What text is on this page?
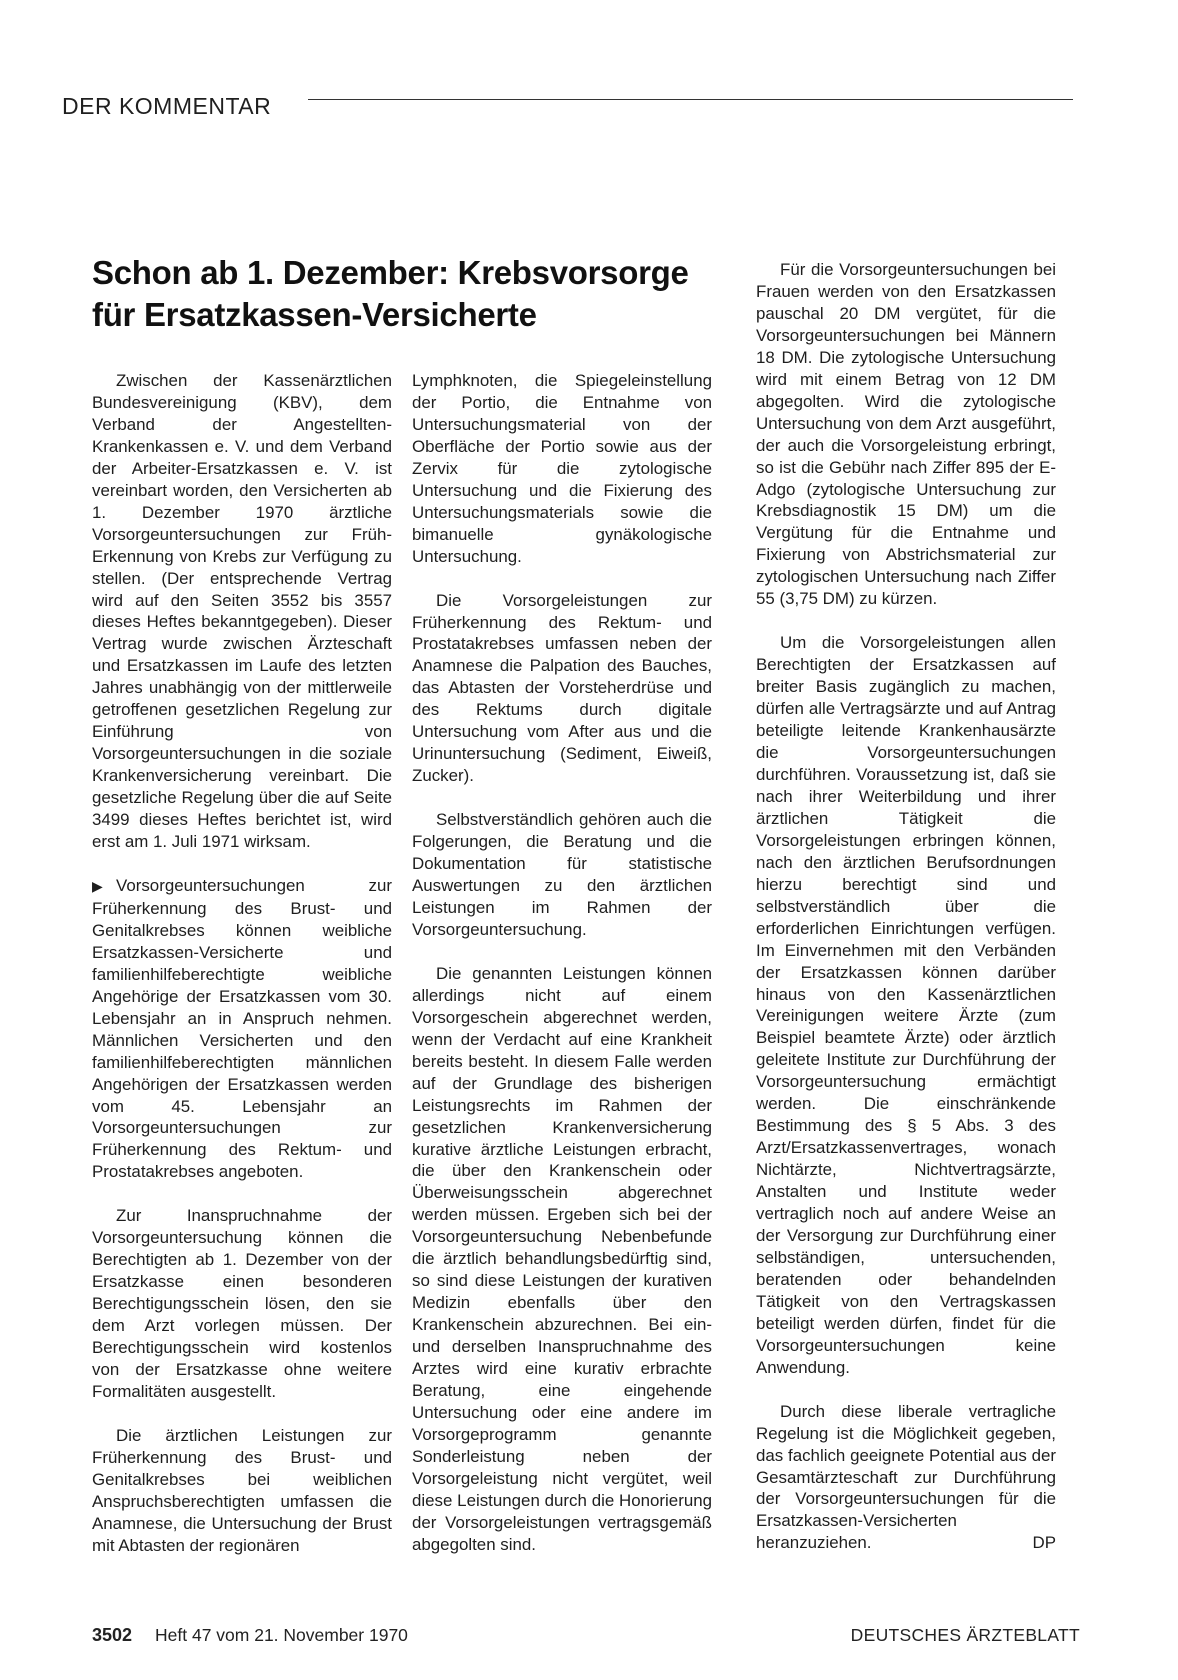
DER KOMMENTAR
Schon ab 1. Dezember: Krebsvorsorge
für Ersatzkassen-Versicherte

Zwischen der Kassenärztlichen Bundesvereinigung (KBV), dem Verband der Angestellten-Krankenkassen e. V. und dem Verband der Arbeiter-Ersatzkassen e. V. ist vereinbart worden, den Versicherten ab 1. Dezember 1970 ärztliche Vorsorgeuntersuchungen zur Früh-Erkennung von Krebs zur Verfügung zu stellen. (Der entsprechende Vertrag wird auf den Seiten 3552 bis 3557 dieses Heftes bekanntgegeben). Dieser Vertrag wurde zwischen Ärzteschaft und Ersatzkassen im Laufe des letzten Jahres unabhängig von der mittlerweile getroffenen gesetzlichen Regelung zur Einführung von Vorsorgeuntersuchungen in die soziale Krankenversicherung vereinbart. Die gesetzliche Regelung über die auf Seite 3499 dieses Heftes berichtet ist, wird erst am 1. Juli 1971 wirksam.

▶ Vorsorgeuntersuchungen zur Früherkennung des Brust- und Genitalkrebses können weibliche Ersatzkassen-Versicherte und familienhilfeberechtigte weibliche Angehörige der Ersatzkassen vom 30. Lebensjahr an in Anspruch nehmen. Männlichen Versicherten und den familienhilfeberechtigten männlichen Angehörigen der Ersatzkassen werden vom 45. Lebensjahr an Vorsorgeuntersuchungen zur Früherkennung des Rektum- und Prostatakrebses angeboten.

Zur Inanspruchnahme der Vorsorgeuntersuchung können die Berechtigten ab 1. Dezember von der Ersatzkasse einen besonderen Berechtigungsschein lösen, den sie dem Arzt vorlegen müssen. Der Berechtigungsschein wird kostenlos von der Ersatzkasse ohne weitere Formalitäten ausgestellt.

Die ärztlichen Leistungen zur Früherkennung des Brust- und Genitalkrebses bei weiblichen Anspruchsberechtigten umfassen die Anamnese, die Untersuchung der Brust mit Abtasten der regionären

Lymphknoten, die Spiegeleinstellung der Portio, die Entnahme von Untersuchungsmaterial von der Oberfläche der Portio sowie aus der Zervix für die zytologische Untersuchung und die Fixierung des Untersuchungsmaterials sowie die bimanuelle gynäkologische Untersuchung.

Die Vorsorgeleistungen zur Früherkennung des Rektum- und Prostatakrebses umfassen neben der Anamnese die Palpation des Bauches, das Abtasten der Vorsteherdrüse und des Rektums durch digitale Untersuchung vom After aus und die Urinuntersuchung (Sediment, Eiweiß, Zucker).

Selbstverständlich gehören auch die Folgerungen, die Beratung und die Dokumentation für statistische Auswertungen zu den ärztlichen Leistungen im Rahmen der Vorsorgeuntersuchung.

Die genannten Leistungen können allerdings nicht auf einem Vorsorgeschein abgerechnet werden, wenn der Verdacht auf eine Krankheit bereits besteht. In diesem Falle werden auf der Grundlage des bisherigen Leistungsrechts im Rahmen der gesetzlichen Krankenversicherung kurative ärztliche Leistungen erbracht, die über den Krankenschein oder Überweisungsschein abgerechnet werden müssen. Ergeben sich bei der Vorsorgeuntersuchung Nebenbefunde die ärztlich behandlungsbedürftig sind, so sind diese Leistungen der kurativen Medizin ebenfalls über den Krankenschein abzurechnen. Bei ein- und derselben Inanspruchnahme des Arztes wird eine kurativ erbrachte Beratung, eine eingehende Untersuchung oder eine andere im Vorsorgeprogramm genannte Sonderleistung neben der Vorsorgeleistung nicht vergütet, weil diese Leistungen durch die Honorierung der Vorsorgeleistungen vertragsgemäß abgegolten sind.

Für die Vorsorgeuntersuchungen bei Frauen werden von den Ersatzkassen pauschal 20 DM vergütet, für die Vorsorgeuntersuchungen bei Männern 18 DM. Die zytologische Untersuchung wird mit einem Betrag von 12 DM abgegolten. Wird die zytologische Untersuchung von dem Arzt ausgeführt, der auch die Vorsorgeleistung erbringt, so ist die Gebühr nach Ziffer 895 der E-Adgo (zytologische Untersuchung zur Krebsdiagnostik 15 DM) um die Vergütung für die Entnahme und Fixierung von Abstrichsmaterial zur zytologischen Untersuchung nach Ziffer 55 (3,75 DM) zu kürzen.

Um die Vorsorgeleistungen allen Berechtigten der Ersatzkassen auf breiter Basis zugänglich zu machen, dürfen alle Vertragsärzte und auf Antrag beteiligte leitende Krankenhausärzte die Vorsorgeuntersuchungen durchführen. Voraussetzung ist, daß sie nach ihrer Weiterbildung und ihrer ärztlichen Tätigkeit die Vorsorgeleistungen erbringen können, nach den ärztlichen Berufsordnungen hierzu berechtigt sind und selbstverständlich über die erforderlichen Einrichtungen verfügen. Im Einvernehmen mit den Verbänden der Ersatzkassen können darüber hinaus von den Kassenärztlichen Vereinigungen weitere Ärzte (zum Beispiel beamtete Ärzte) oder ärztlich geleitete Institute zur Durchführung der Vorsorgeuntersuchung ermächtigt werden. Die einschränkende Bestimmung des § 5 Abs. 3 des Arzt/Ersatzkassenvertrages, wonach Nichtärzte, Nichtvertragsärzte, Anstalten und Institute weder vertraglich noch auf andere Weise an der Versorgung zur Durchführung einer selbständigen, untersuchenden, beratenden oder behandelnden Tätigkeit von den Vertragskassen beteiligt werden dürfen, findet für die Vorsorgeuntersuchungen keine Anwendung.

Durch diese liberale vertragliche Regelung ist die Möglichkeit gegeben, das fachlich geeignete Potential aus der Gesamtärzteschaft zur Durchführung der Vorsorgeuntersuchungen für die Ersatzkassen-Versicherten heranzuziehen.	DP

3502 Heft 47 vom 21. November 1970	DEUTSCHES ÄRZTEBLATT
